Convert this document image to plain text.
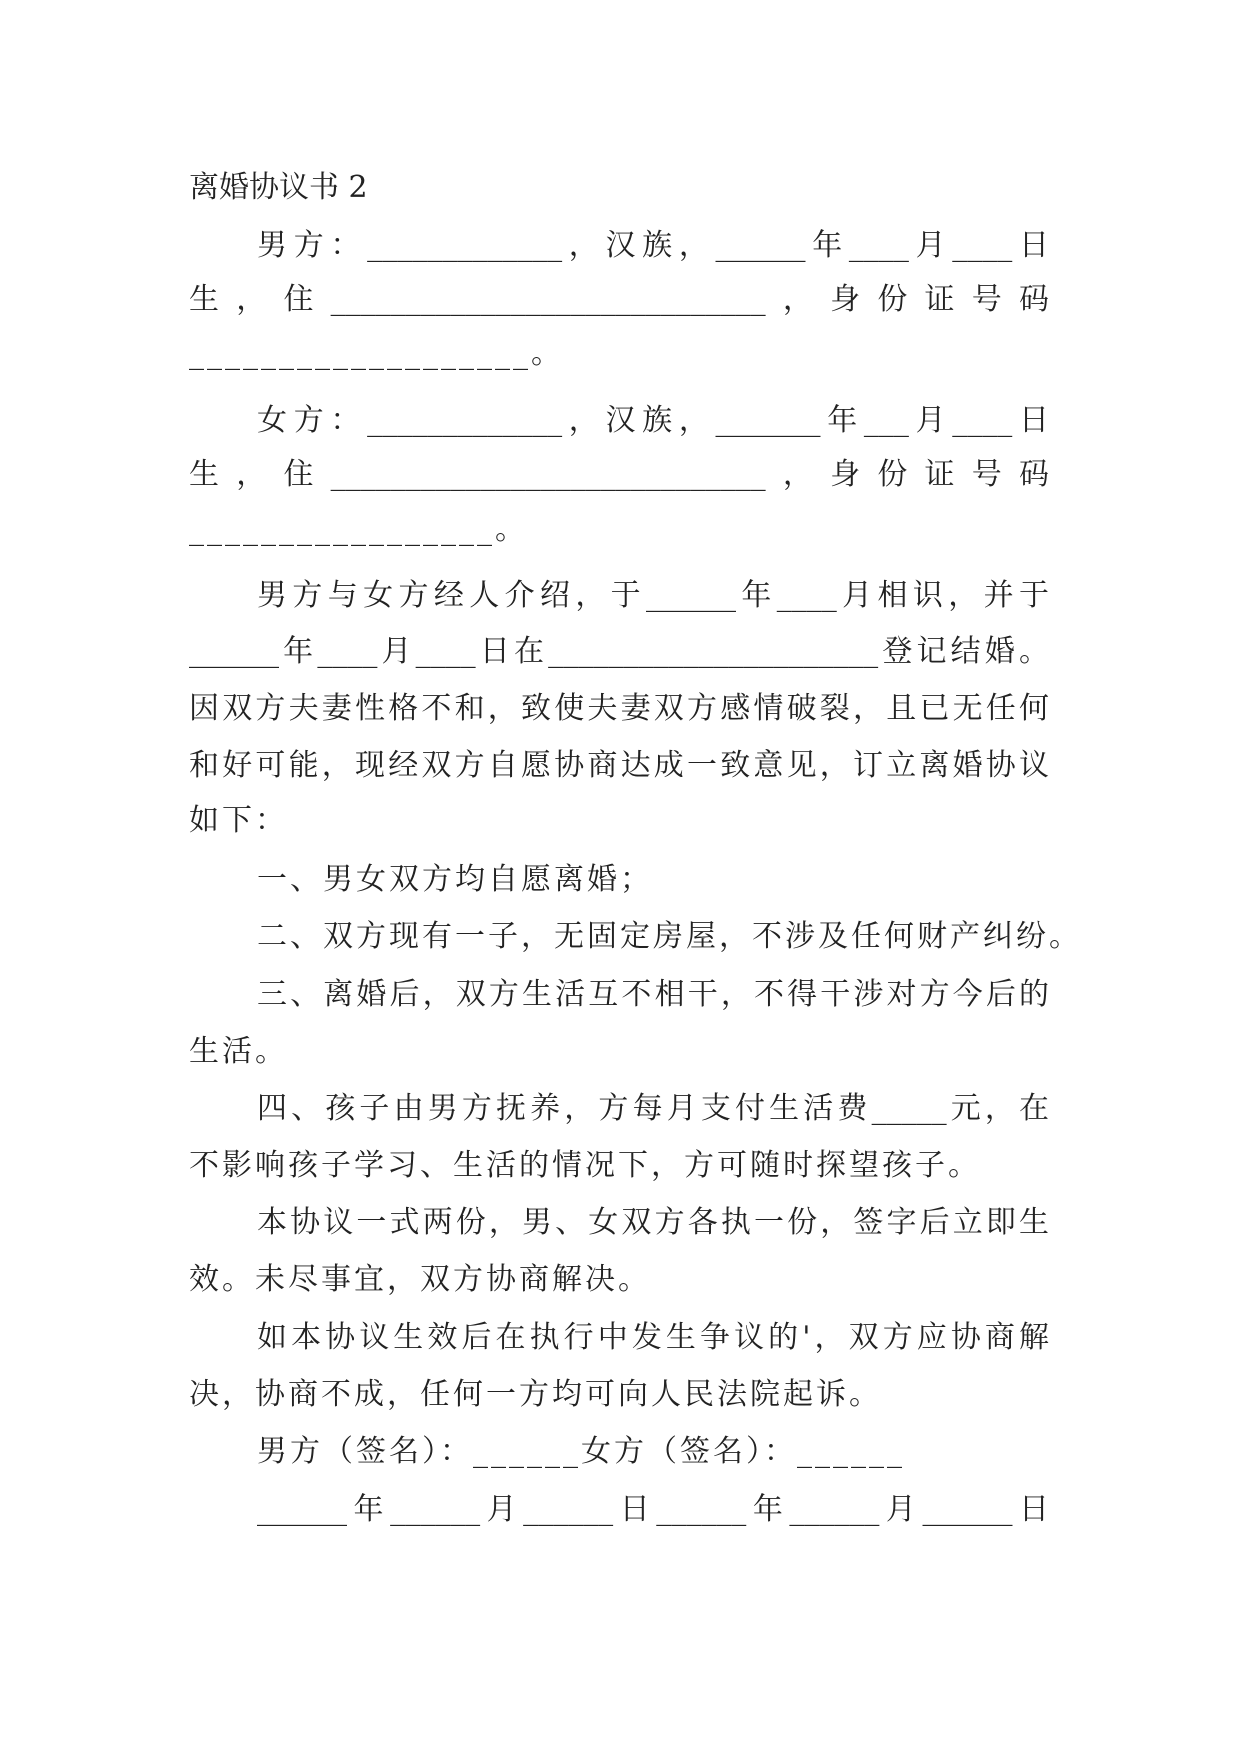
离婚协议书 2
男方：_____________，汉族，______年____月____日
生，住_____________________________，身份证号码
___________________。
女方：_____________，汉族，_______年___月____日
生，住_____________________________，身份证号码
_________________。
男方与女方经人介绍，于______年____月相识，并于
______年____月____日在______________________登记结婚。
因双方夫妻性格不和，致使夫妻双方感情破裂，且已无任何
和好可能，现经双方自愿协商达成一致意见，订立离婚协议
如下：
一、男女双方均自愿离婚；
二、双方现有一子，无固定房屋，不涉及任何财产纠纷。
三、离婚后，双方生活互不相干，不得干涉对方今后的
生活。
四、孩子由男方抚养，方每月支付生活费_____元，在
不影响孩子学习、生活的情况下，方可随时探望孩子。
本协议一式两份，男、女双方各执一份，签字后立即生
效。未尽事宜，双方协商解决。
如本协议生效后在执行中发生争议的'，双方应协商解
决，协商不成，任何一方均可向人民法院起诉。
男方（签名）：______女方（签名）：______
______年______月______日______年______月______日
